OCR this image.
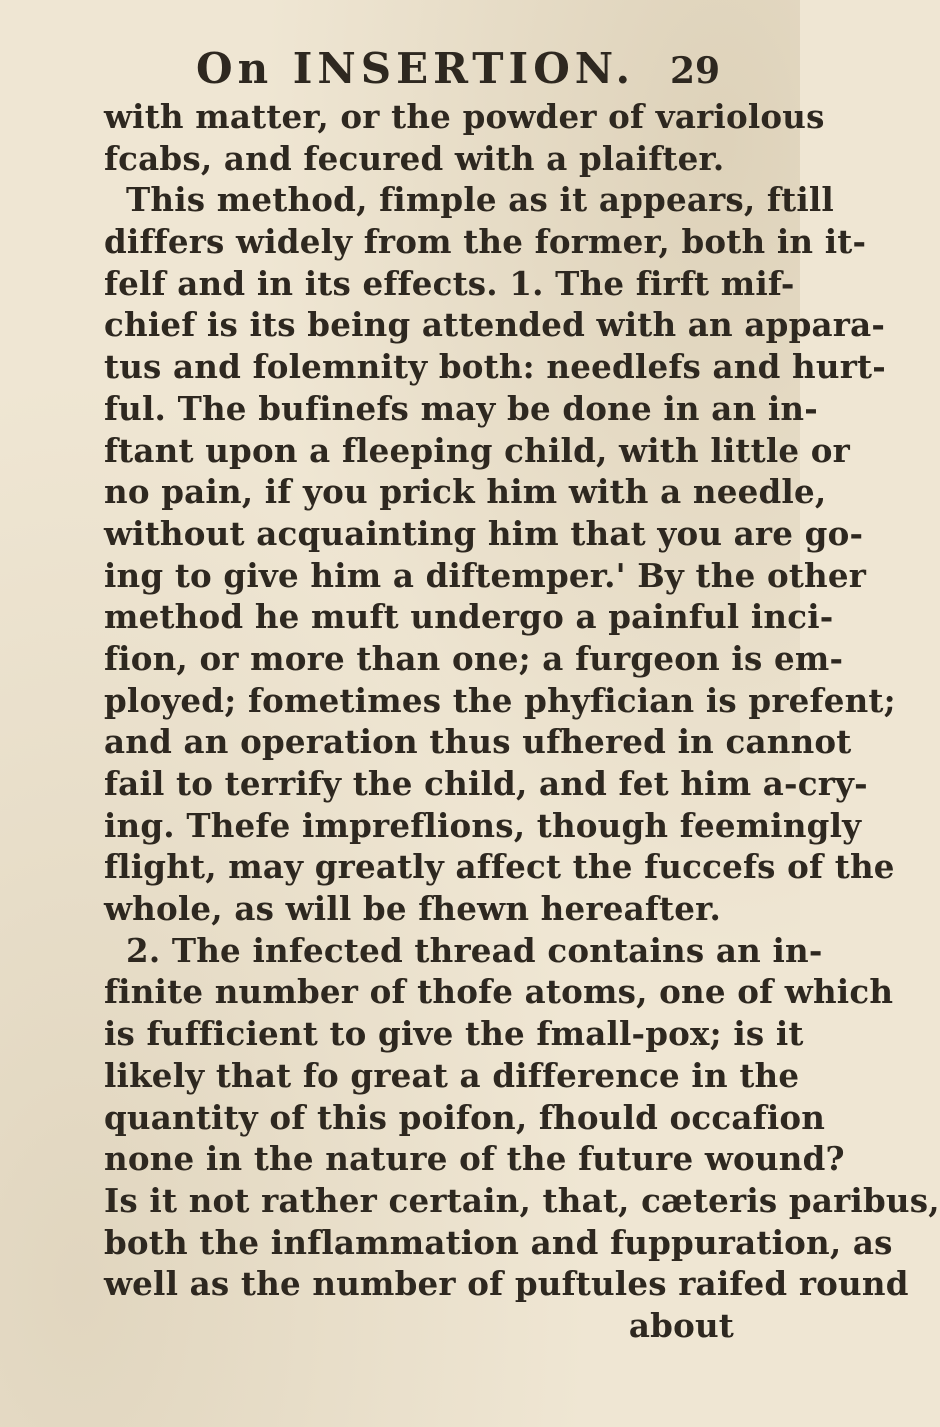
On INSERTION. 29
with matter, or the powder of variolous
fcabs, and fecured with a plaifter.
This method, fimple as it appears, ftill
differs widely from the former, both in it-
felf and in its effects. 1. The firft mif-
chief is its being attended with an appara-
tus and folemnity both: needlefs and hurt-
ful. The bufinefs may be done in an in-
ftant upon a fleeping child, with little or
no pain, if you prick him with a needle,
without acquainting him that you are go-
ing to give him a diftemper.' By the other
method he muft undergo a painful inci-
fion, or more than one; a furgeon is em-
ployed; fometimes the phyfician is prefent;
and an operation thus ufhered in cannot
fail to terrify the child, and fet him a-cry-
ing. Thefe impreflions, though feemingly
flight, may greatly affect the fuccefs of the
whole, as will be fhewn hereafter.
2. The infected thread contains an in-
finite number of thofe atoms, one of which
is fufficient to give the fmall-pox; is it
likely that fo great a difference in the
quantity of this poifon, fhould occafion
none in the nature of the future wound?
Is it not rather certain, that, cæteris paribus,
both the inflammation and fuppuration, as
well as the number of puftules raifed round
about
